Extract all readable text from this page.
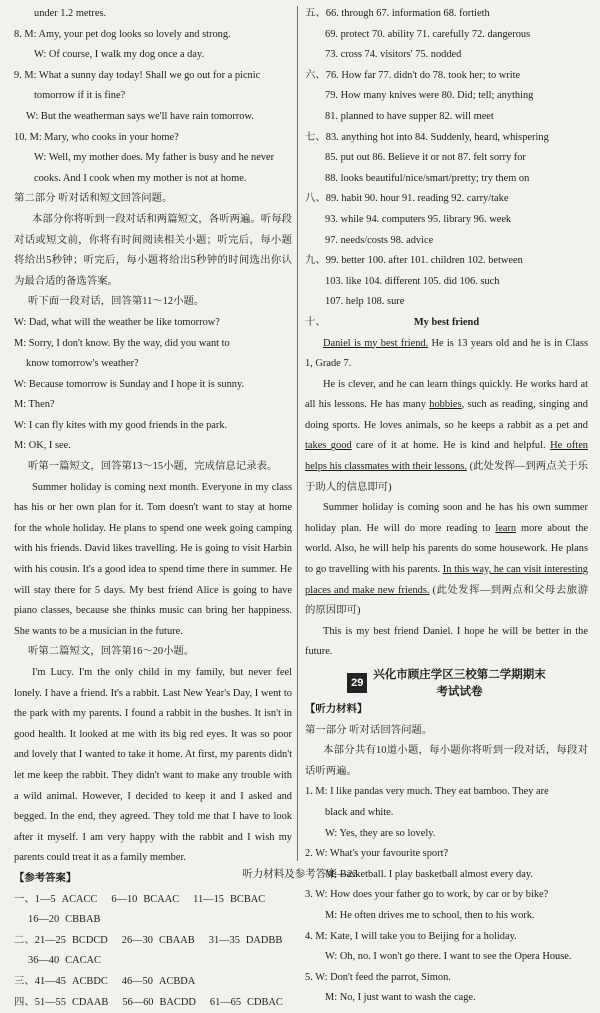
under 1.2 metres.
8. M: Amy, your pet dog looks so lovely and strong.
W: Of course, I walk my dog once a day.
9. M: What a sunny day today! Shall we go out for a picnic
tomorrow if it is fine?
W: But the weatherman says we'll have rain tomorrow.
10. M: Mary, who cooks in your home?
W: Well, my mother does. My father is busy and he never
cooks. And I cook when my mother is not at home.
第二部分 听对话和短文回答问题。
本部分你将听到一段对话和两篇短文，各听两遍。听每段对话或短文前，你将有时间阅读相关小题；听完后，每小题将给出5秒钟；听完后，每小题将给出5秒钟的时间选出你认为最合适的备选答案。
听下面一段对话，回答第11～12小题。
W: Dad, what will the weather be like tomorrow?
M: Sorry, I don't know. By the way, did you want to
know tomorrow's weather?
W: Because tomorrow is Sunday and I hope it is sunny.
M: Then?
W: I can fly kites with my good friends in the park.
M: OK, I see.
听第一篇短文，回答第13～15小题，完成信息记录表。
Summer holiday is coming next month. Everyone in my class has his or her own plan for it. Tom doesn't want to stay at home for the whole holiday. He plans to spend one week going camping with his friends. David likes travelling. He is going to visit Harbin with his cousin. It's a good idea to spend time there in summer. He will stay there for 5 days. My best friend Alice is going to have piano classes, because she thinks music can bring her happiness. She wants to be a musician in the future.
听第二篇短文，回答第16～20小题。
I'm Lucy. I'm the only child in my family, but never feel lonely. I have a friend. It's a rabbit. Last New Year's Day, I went to the park with my parents. I found a rabbit in the bushes. It isn't in good health. It looked at me with its big red eyes. It was so poor and lovely that I wanted to take it home. At first, my parents didn't let me keep the rabbit. They didn't want to make any trouble with a wild animal. However, I decided to keep it and I asked and begged. In the end, they agreed. They told me that I have to look after it myself. I am very happy with the rabbit and I wish my parents could treat it as a family member.
【参考答案】
一、1—5 ACACC 6—10 BCAAC 11—15 BCBAC
16—20 CBBAB
二、21—25 BCDCD 26—30 CBAAB 31—35 DADBB
36—40 CACAC
三、41—45 ACBDC 46—50 ACBDA
四、51—55 CDAAB 56—60 BACDD 61—65 CDBAC
五、66. through 67. information 68. fortieth
69. protect 70. ability 71. carefully 72. dangerous
73. cross 74. visitors' 75. nodded
六、76. How far 77. didn't do 78. took her; to write
79. How many knives were 80. Did; tell; anything
81. planned to have supper 82. will meet
七、83. anything hot into 84. Suddenly, heard, whispering
85. put out 86. Believe it or not 87. felt sorry for
88. looks beautiful/nice/smart/pretty; try them on
八、89. habit 90. hour 91. reading 92. carry/take
93. while 94. computers 95. library 96. week
97. needs/costs 98. advice
九、99. better 100. after 101. children 102. between
103. like 104. different 105. did 106. such
107. help 108. sure
十、	My best friend
Daniel is my best friend. He is 13 years old and he is in Class 1, Grade 7.
He is clever, and he can learn things quickly. He works hard at all his lessons. He has many hobbies, such as reading, singing and doing sports. He loves animals, so he keeps a rabbit as a pet and takes good care of it at home. He is kind and helpful. He often helps his classmates with their lessons. (此处发挥—到两点关于乐于助人的信息即可)
Summer holiday is coming soon and he has his own summer holiday plan. He will do more reading to learn more about the world. Also, he will help his parents do some housework. He plans to go travelling with his parents. In this way, he can visit interesting places and make new friends. (此处发挥—到两点和父母去旅游的原因即可)
This is my best friend Daniel. I hope he will be better in the future.
29
兴化市顾庄学区三校第二学期期末
考试试卷
【听力材料】
第一部分 听对话回答问题。
本部分共有10道小题，每小题你将听到一段对话，每段对话听两遍。
1. M: I like pandas very much. They eat bamboo. They are
black and white.
W: Yes, they are so lovely.
2. W: What's your favourite sport?
M: Basketball. I play basketball almost every day.
3. W: How does your father go to work, by car or by bike?
M: He often drives me to school, then to his work.
4. M: Kate, I will take you to Beijing for a holiday.
W: Oh, no. I won't go there. I want to see the Opera House.
5. W: Don't feed the parrot, Simon.
M: No, I just want to wash the cage.
听力材料及参考答案—23
